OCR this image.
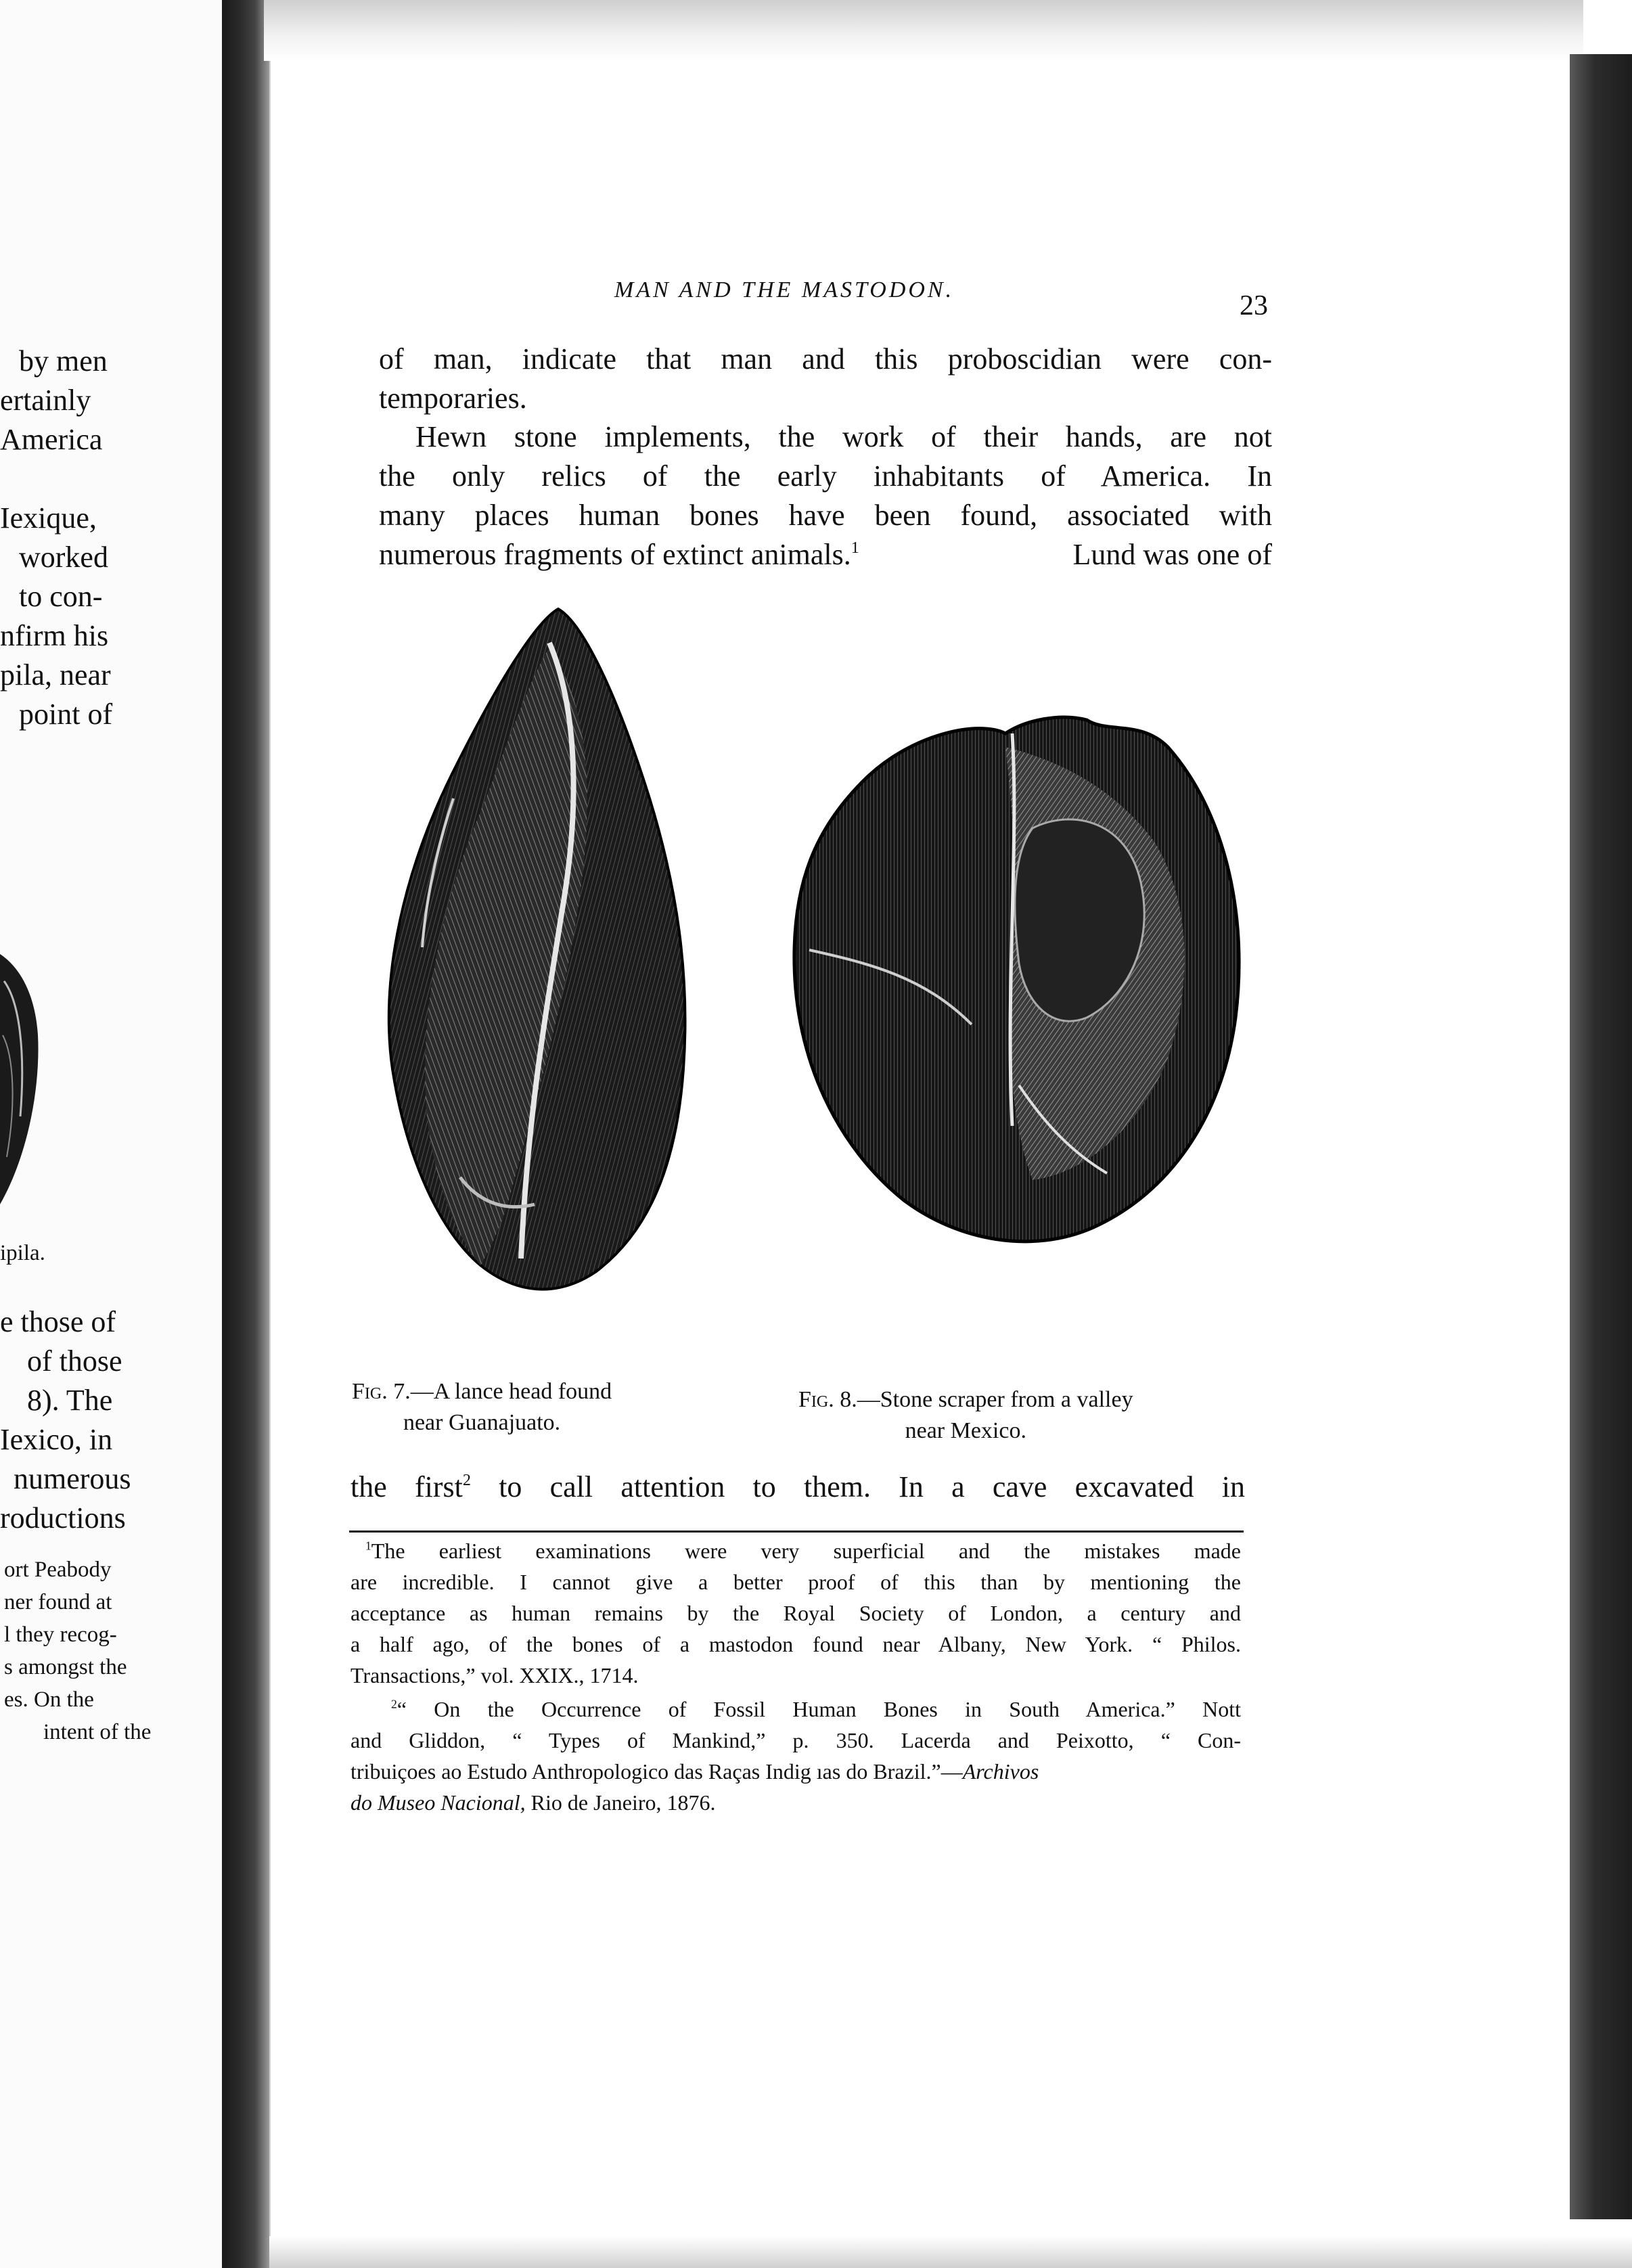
by men
ertainly
America
Iexique,
worked
to con-
nfirm his
pila, near
point of
ipila.
e those of
of those
8). The
Iexico, in
numerous
roductions
ort Peabody
ner found at
l they recog-
s amongst the
es. On the
intent of the
MAN AND THE MASTODON.
23
of man, indicate that man and this proboscidian were con-
temporaries.
Hewn stone implements, the work of their hands, are not
the only relics of the early inhabitants of America. In
many places human bones have been found, associated with
numerous fragments of extinct animals.$^1$	Lund was one of
Fig. 7.—A lance head found
near Guanajuato.
Fig. 8.—Stone scraper from a valley
near Mexico.
the first$^2$ to call attention to them. In a cave excavated in
$^1$The earliest examinations were very superficial and the mistakes made
are incredible. I cannot give a better proof of this than by mentioning the
acceptance as human remains by the Royal Society of London, a century and
a half ago, of the bones of a mastodon found near Albany, New York. “ Philos.
Transactions,” vol. XXIX., 1714.
$^2$“ On the Occurrence of Fossil Human Bones in South America.” Nott
and Gliddon, “ Types of Mankind,” p. 350. Lacerda and Peixotto, “ Con-
tribuiçoes ao Estudo Anthropologico das Raças Indig ıas do Brazil.”—Archivos
do Museo Nacional, Rio de Janeiro, 1876.
